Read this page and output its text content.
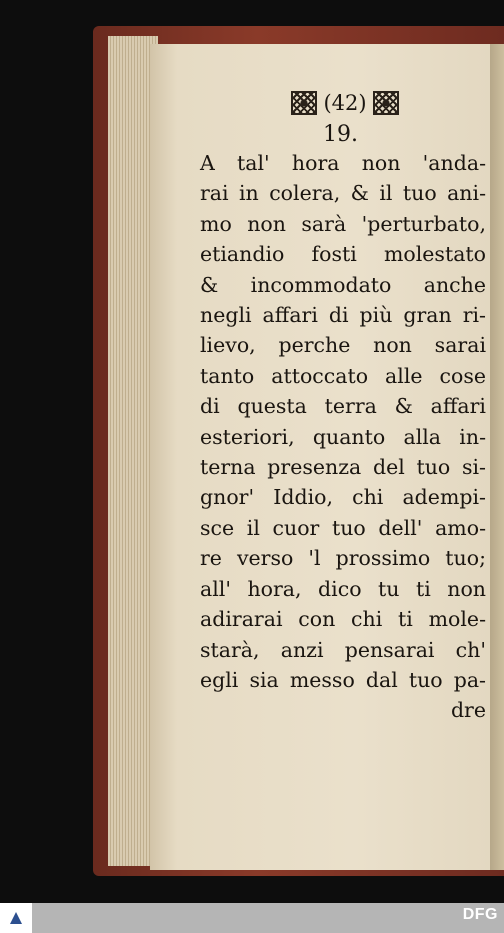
(42)
19.
A tal' hora non 'anda-
rai in colera, & il tuo ani-
mo non sarà 'perturbato,
etiandio fosti molestato
& incommodato anche
negli affari di più gran ri-
lievo, perche non sarai
tanto attoccato alle cose
di questa terra & affari
esteriori, quanto alla in-
terna presenza del tuo si-
gnor' Iddio, chi adempi-
sce il cuor tuo dell' amo-
re verso 'l prossimo tuo;
all' hora, dico tu ti non
adirarai con chi ti mole-
starà, anzi pensarai ch'
egli sia messo dal tuo pa-
dre
DFG
